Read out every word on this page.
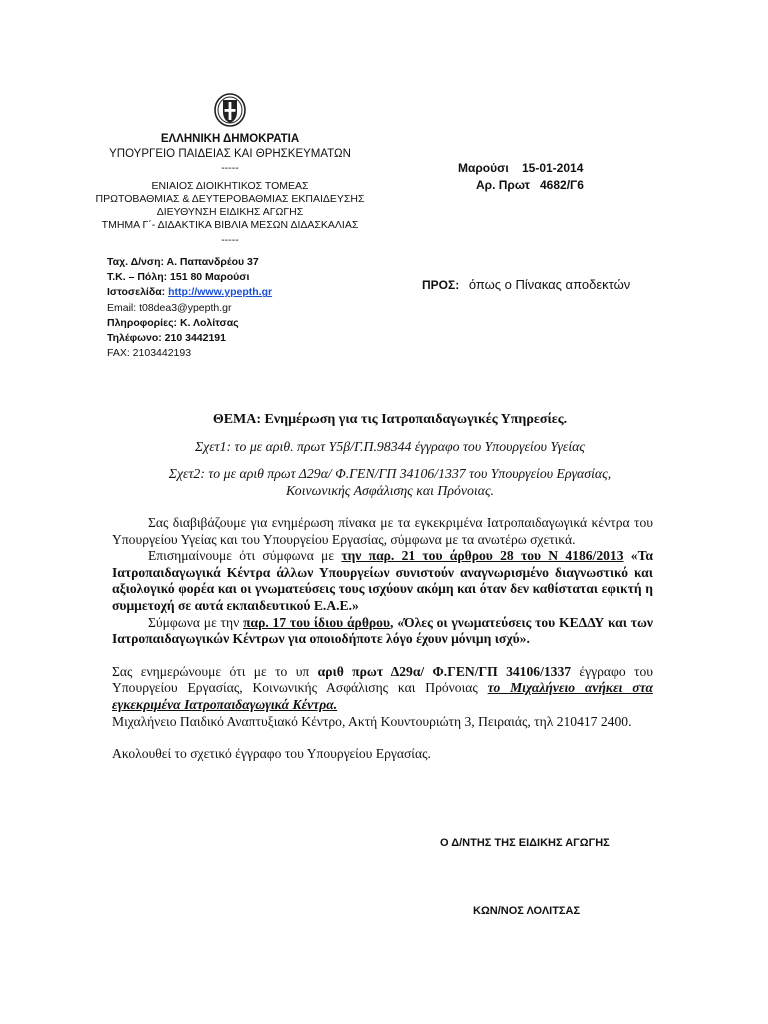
ΕΛΛΗΝΙΚΗ ΔΗΜΟΚΡΑΤΙΑ
ΥΠΟΥΡΓΕΙΟ ΠΑΙΔΕΙΑΣ ΚΑΙ ΘΡΗΣΚΕΥΜΑΤΩΝ
-----
ΕΝΙΑΙΟΣ ΔΙΟΙΚΗΤΙΚΟΣ ΤΟΜΕΑΣ
ΠΡΩΤΟΒΑΘΜΙΑΣ & ΔΕΥΤΕΡΟΒΑΘΜΙΑΣ ΕΚΠΑΙΔΕΥΣΗΣ
ΔΙΕΥΘΥΝΣΗ ΕΙΔΙΚΗΣ ΑΓΩΓΗΣ
ΤΜΗΜΑ Γ΄- ΔΙΔΑΚΤΙΚΑ ΒΙΒΛΙΑ ΜΕΣΩΝ ΔΙΔΑΣΚΑΛΙΑΣ
-----
Ταχ. Δ/νση: Α. Παπανδρέου 37
Τ.Κ. – Πόλη: 151 80 Μαρούσι
Ιστοσελίδα: http://www.ypepth.gr
Email: t08dea3@ypepth.gr
Πληροφορίες: Κ. Λολίτσας
Τηλέφωνο: 210 3442191
FAX: 2103442193
Μαρούσι    15-01-2014
Αρ. Πρωτ   4682/Γ6
ΠΡΟΣ: όπως ο Πίνακας αποδεκτών
ΘΕΜΑ: Ενημέρωση για τις Ιατροπαιδαγωγικές Υπηρεσίες.
Σχετ1: το με αριθ. πρωτ Υ5β/Γ.Π.98344 έγγραφο του Υπουργείου Υγείας
Σχετ2: το με αριθ πρωτ Δ29α/ Φ.ΓΕΝ/ΓΠ 34106/1337 του Υπουργείου Εργασίας,
Κοινωνικής Ασφάλισης και Πρόνοιας.

Σας διαβιβάζουμε για ενημέρωση πίνακα με τα εγκεκριμένα Ιατροπαιδαγωγικά κέντρα του Υπουργείου Υγείας και του Υπουργείου Εργασίας, σύμφωνα με τα ανωτέρω σχετικά.

Επισημαίνουμε ότι σύμφωνα με την παρ. 21 του άρθρου 28 του Ν 4186/2013 «Τα Ιατροπαιδαγωγικά Κέντρα άλλων Υπουργείων συνιστούν αναγνωρισμένο διαγνωστικό και αξιολογικό φορέα και οι γνωματεύσεις τους ισχύουν ακόμη και όταν δεν καθίσταται εφικτή η συμμετοχή σε αυτά εκπαιδευτικού Ε.Α.Ε.»

Σύμφωνα με την παρ. 17 του ίδιου άρθρου, «Όλες οι γνωματεύσεις του ΚΕΔΔΥ και των Ιατροπαιδαγωγικών Κέντρων για οποιοδήποτε λόγο έχουν μόνιμη ισχύ».

Σας ενημερώνουμε ότι με το υπ αριθ πρωτ Δ29α/ Φ.ΓΕΝ/ΓΠ 34106/1337 έγγραφο του Υπουργείου Εργασίας, Κοινωνικής Ασφάλισης και Πρόνοιας το Μιχαλήνειο ανήκει στα εγκεκριμένα Ιατροπαιδαγωγικά Κέντρα.

Μιχαλήνειο Παιδικό Αναπτυξιακό Κέντρο, Ακτή Κουντουριώτη 3, Πειραιάς, τηλ 210417 2400.

Ακολουθεί το σχετικό έγγραφο του Υπουργείου Εργασίας.

Ο Δ/ΝΤΗΣ ΤΗΣ ΕΙΔΙΚΗΣ ΑΓΩΓΗΣ
ΚΩΝ/ΝΟΣ ΛΟΛΙΤΣΑΣ
